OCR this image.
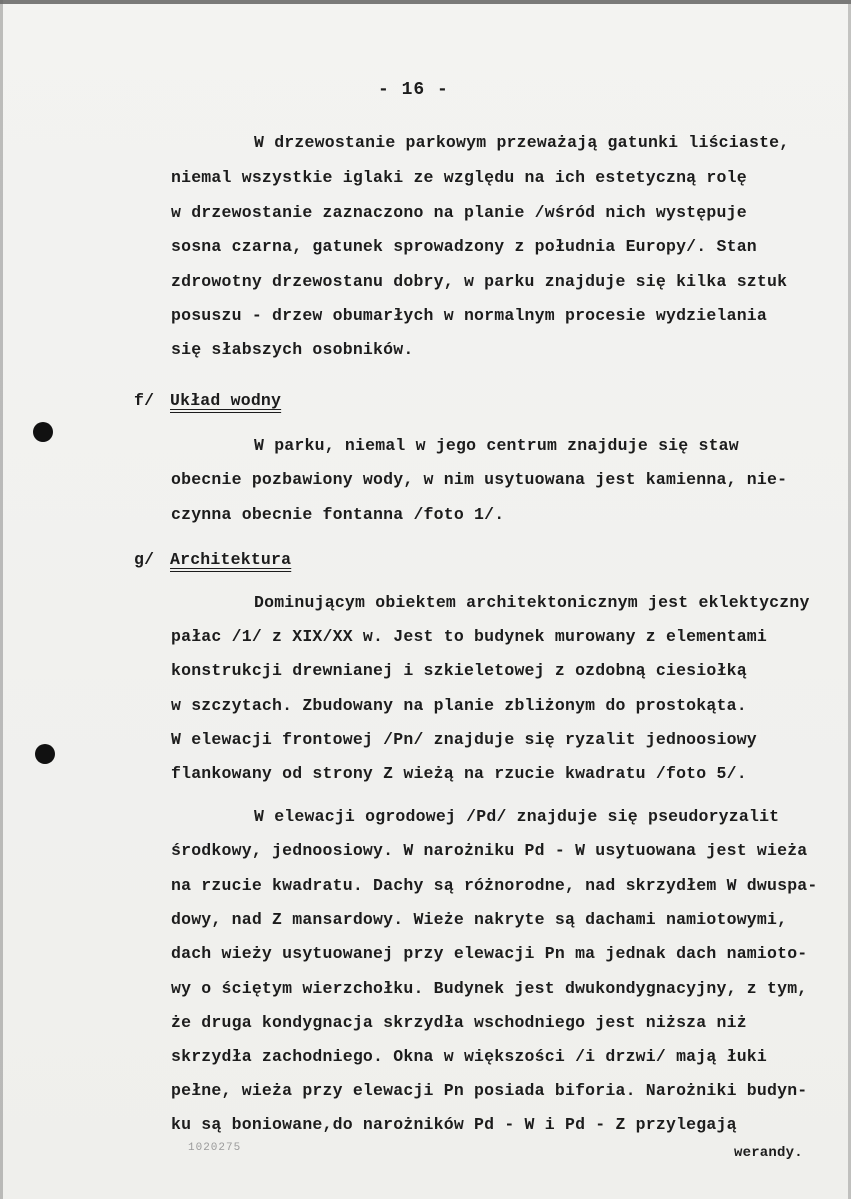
- 16 -
W drzewostanie parkowym przeważają gatunki liściaste,
niemal wszystkie iglaki ze względu na ich estetyczną rolę
w drzewostanie zaznaczono na planie /wśród nich występuje
sosna czarna, gatunek sprowadzony z południa Europy/. Stan
zdrowotny drzewostanu dobry, w parku znajduje się kilka sztuk
posuszu - drzew obumarłych w normalnym procesie wydzielania
się słabszych osobników.
f/ Układ wodny
W parku, niemal w jego centrum znajduje się staw
obecnie pozbawiony wody, w nim usytuowana jest kamienna, nie-
czynna obecnie fontanna /foto 1/.
g/ Architektura
Dominującym obiektem architektonicznym jest eklektyczny
pałac /1/ z XIX/XX w. Jest to budynek murowany z elementami
konstrukcji drewnianej i szkieletowej z ozdobną ciesiołką
w szczytach. Zbudowany na planie zbliżonym do prostokąta.
W elewacji frontowej /Pn/ znajduje się ryzalit jednoosiowy
flankowany od strony Z wieżą na rzucie kwadratu /foto 5/.
W elewacji ogrodowej /Pd/ znajduje się pseudoryzalit
środkowy, jednoosiowy. W narożniku Pd - W usytuowana jest wieża
na rzucie kwadratu. Dachy są różnorodne, nad skrzydłem W dwuspa-
dowy, nad Z mansardowy. Wieże nakryte są dachami namiotowymi,
dach wieży usytuowanej przy elewacji Pn ma jednak dach namioto-
wy o ściętym wierzchołku. Budynek jest dwukondygnacyjny, z tym,
że druga kondygnacja skrzydła wschodniego jest niższa niż
skrzydła zachodniego. Okna w większości /i drzwi/ mają łuki
pełne, wieża przy elewacji Pn posiada biforia. Narożniki budyn-
ku są boniowane,do narożników Pd - W i Pd - Z przylegają
1020275	werandy.
